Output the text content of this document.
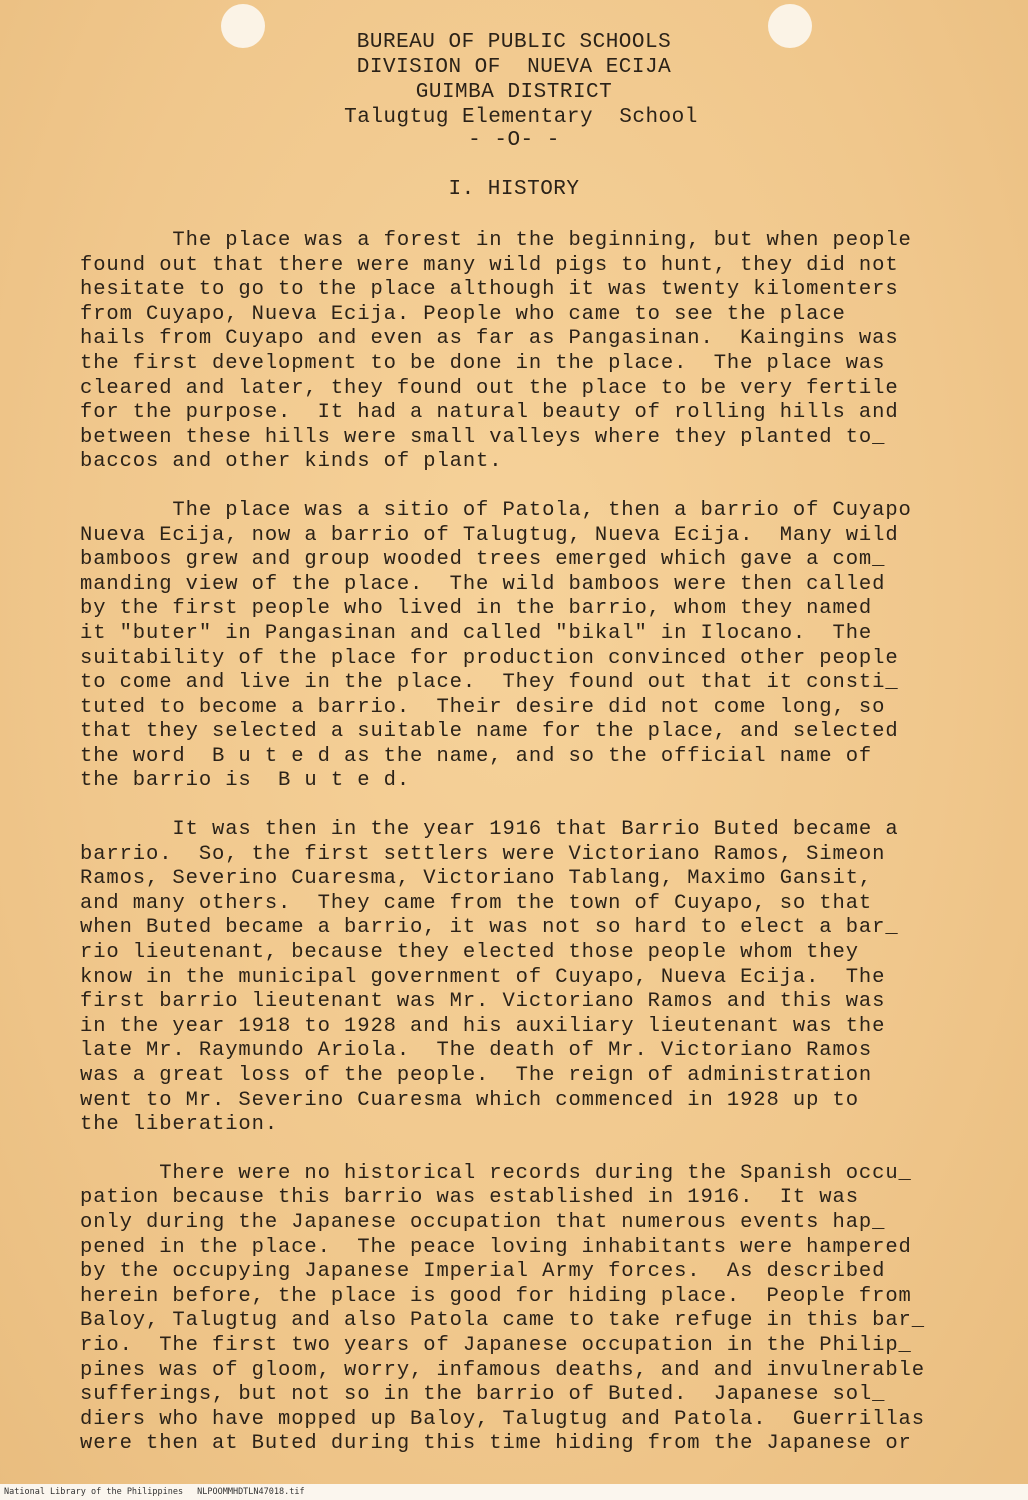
BUREAU OF PUBLIC SCHOOLS
DIVISION OF  NUEVA ECIJA
GUIMBA DISTRICT
Talugtug Elementary  School
- -O- -
I. HISTORY
The place was a forest in the beginning, but when people
found out that there were many wild pigs to hunt, they did not
hesitate to go to the place although it was twenty kilomenters
from Cuyapo, Nueva Ecija. People who came to see the place
hails from Cuyapo and even as far as Pangasinan.  Kaingins was
the first development to be done in the place.  The place was
cleared and later, they found out the place to be very fertile
for the purpose.  It had a natural beauty of rolling hills and
between these hills were small valleys where they planted to_
baccos and other kinds of plant.
The place was a sitio of Patola, then a barrio of Cuyapo
Nueva Ecija, now a barrio of Talugtug, Nueva Ecija.  Many wild
bamboos grew and group wooded trees emerged which gave a com_
manding view of the place.  The wild bamboos were then called
by the first people who lived in the barrio, whom they named
it "buter" in Pangasinan and called "bikal" in Ilocano.  The
suitability of the place for production convinced other people
to come and live in the place.  They found out that it consti_
tuted to become a barrio.  Their desire did not come long, so
that they selected a suitable name for the place, and selected
the word  B u t e d as the name, and so the official name of
the barrio is  B u t e d.
It was then in the year 1916 that Barrio Buted became a
barrio.  So, the first settlers were Victoriano Ramos, Simeon
Ramos, Severino Cuaresma, Victoriano Tablang, Maximo Gansit,
and many others.  They came from the town of Cuyapo, so that
when Buted became a barrio, it was not so hard to elect a bar_
rio lieutenant, because they elected those people whom they
know in the municipal government of Cuyapo, Nueva Ecija.  The
first barrio lieutenant was Mr. Victoriano Ramos and this was
in the year 1918 to 1928 and his auxiliary lieutenant was the
late Mr. Raymundo Ariola.  The death of Mr. Victoriano Ramos
was a great loss of the people.  The reign of administration
went to Mr. Severino Cuaresma which commenced in 1928 up to
the liberation.
There were no historical records during the Spanish occu_
pation because this barrio was established in 1916.  It was
only during the Japanese occupation that numerous events hap_
pened in the place.  The peace loving inhabitants were hampered
by the occupying Japanese Imperial Army forces.  As described
herein before, the place is good for hiding place.  People from
Baloy, Talugtug and also Patola came to take refuge in this bar_
rio.  The first two years of Japanese occupation in the Philip_
pines was of gloom, worry, infamous deaths, and and invulnerable
sufferings, but not so in the barrio of Buted.  Japanese sol_
diers who have mopped up Baloy, Talugtug and Patola.  Guerrillas
were then at Buted during this time hiding from the Japanese or
National Library of the Philippines NLPOOMMHDTLN47018.tif
